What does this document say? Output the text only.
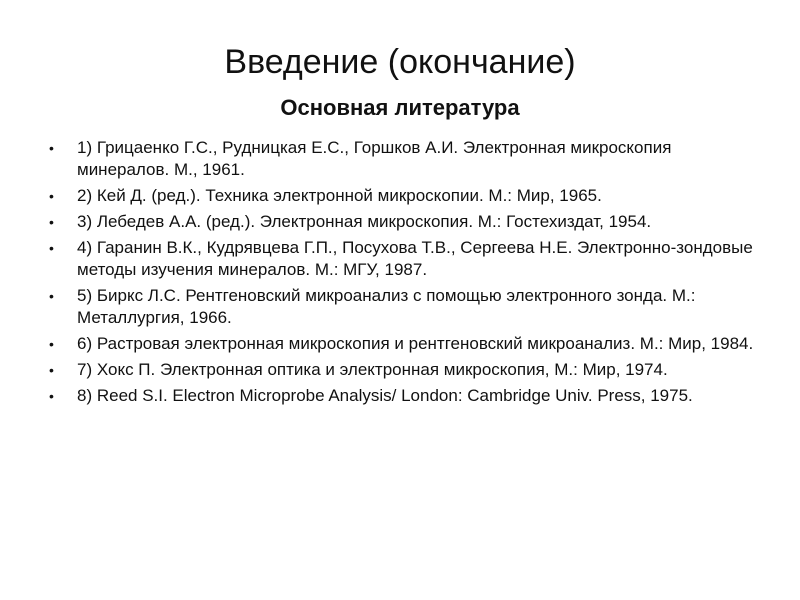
Введение (окончание)
Основная литература
•	1) Грицаенко Г.С., Рудницкая Е.С., Горшков А.И. Электронная микроскопия минералов. М., 1961.
•	2) Кей Д. (ред.). Техника электронной микроскопии. М.: Мир, 1965.
•	3) Лебедев А.А. (ред.). Электронная микроскопия. М.: Гостехиздат, 1954.
•	4) Гаранин В.К., Кудрявцева Г.П., Посухова Т.В., Сергеева Н.Е. Электронно-зондовые методы изучения минералов. М.: МГУ, 1987.
•	5) Биркс Л.С. Рентгеновский микроанализ с помощью электронного зонда. М.: Металлургия, 1966.
•	6) Растровая электронная микроскопия и рентгеновский микроанализ. М.: Мир, 1984.
•	7) Хокс П. Электронная оптика и электронная микроскопия, М.: Мир, 1974.
•	8) Reed S.I. Electron Microprobe Analysis/ London: Cambridge Univ. Press, 1975.
